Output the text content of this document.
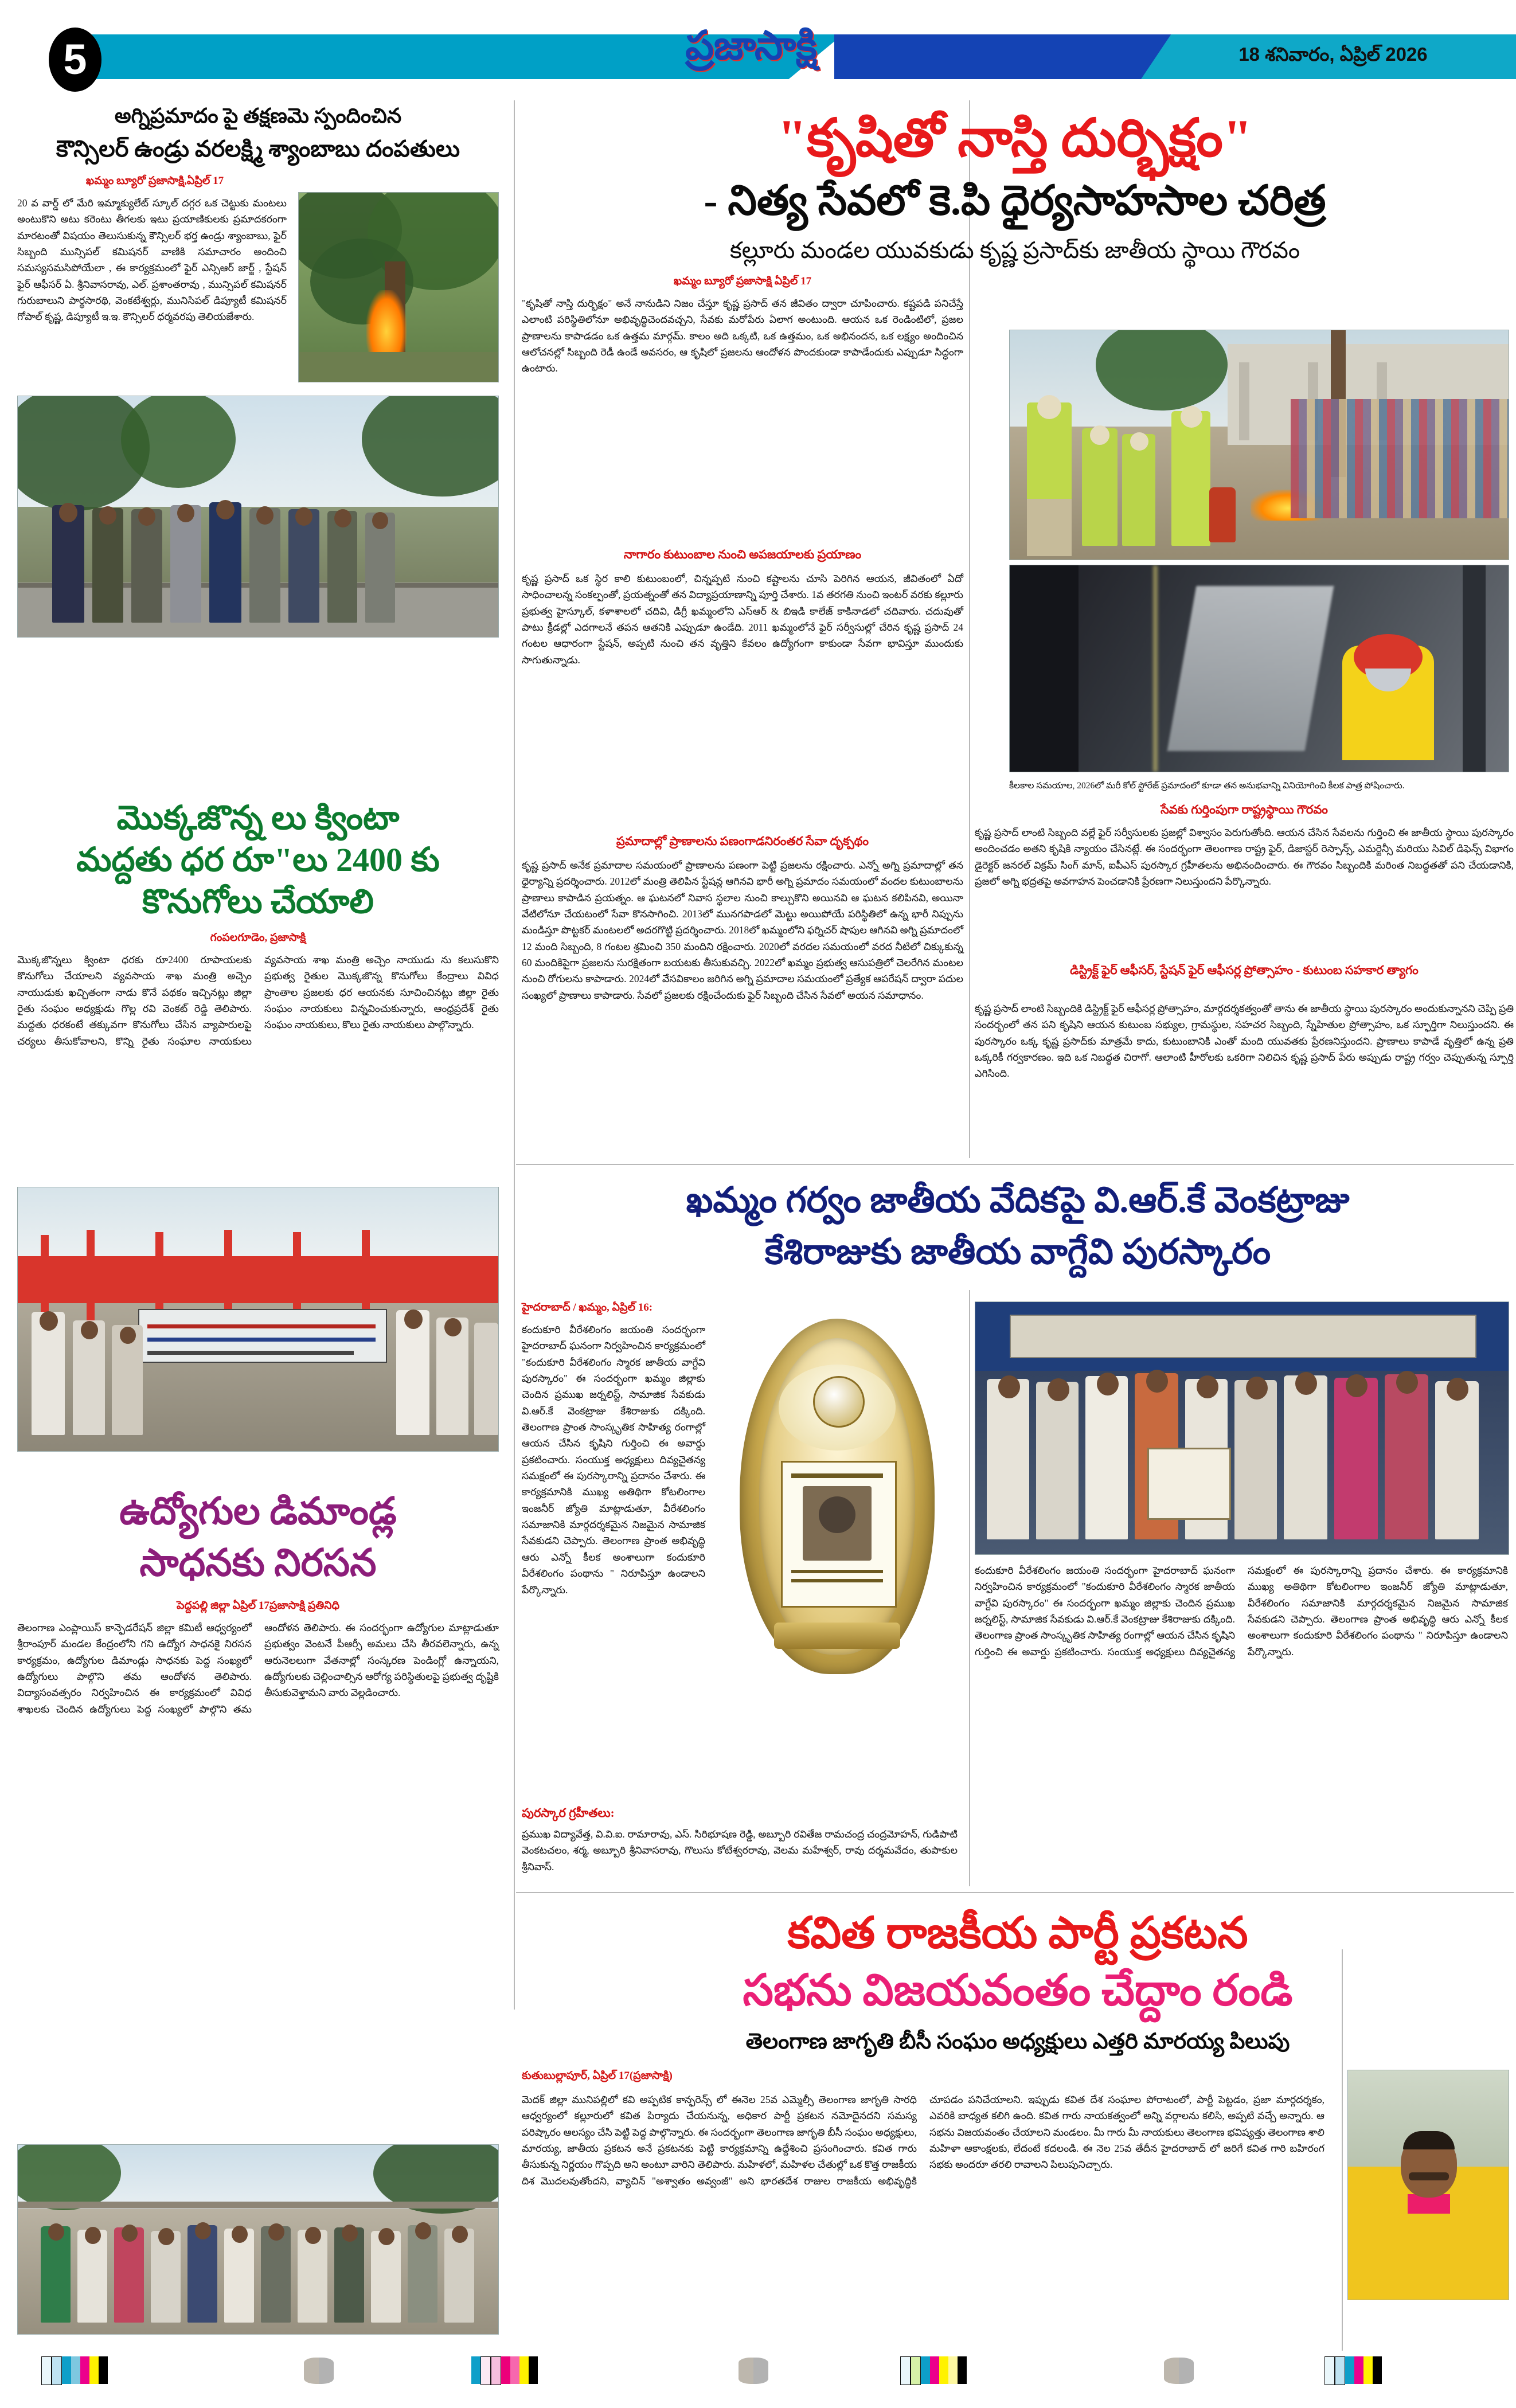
5	ప్రజాసాక్షి	18 శనివారం, ఏప్రిల్ 2026
అగ్నిప్రమాదం పై తక్షణమె స్పందించిన
కౌన్సిలర్ ఉండ్రు వరలక్ష్మి శ్యాంబాబు దంపతులు
ఖమ్మం బ్యూరో ప్రజాసాక్షి,ఏప్రిల్ 17
20 వ వార్డ్ లో మేరి ఇమ్మాక్యులేట్ స్కూల్ దగ్గర ఒక చెట్టుకు మంటలు అంటుకొని అటు కరెంటు తీగలకు ఇటు ప్రయాణికులకు ప్రమాదకరంగా మారటంతో విషయం తెలుసుకున్న కౌన్సిలర్ భర్త ఉండ్రు శ్యాంబాబు, ఫైర్ సిబ్బంది మున్సిపల్ కమిషనర్ వాణికి సమాచారం అందించి సమస్యసమసిపోయేలా , ఈ కార్యక్రమంలో ఫైర్ ఎన్సిఆర్ జార్జ్ , స్టేషన్ ఫైర్ ఆఫీసర్ ఏ. శ్రీనివాసరావు, ఎల్. ప్రశాంతరావు , మున్సిపల్ కమిషనర్ గురుబాలుని పార్థసారథి, వెంకటేశ్వర్లు, మునిసిపల్ డిప్యూటీ కమిషనర్ గోపాల్ కృష్ణ, డిప్యూటీ ఇ.ఇ. కౌన్సిలర్ ధర్మవరపు తెలియజేశారు.
మొక్కజొన్న లు క్వింటా
మద్దతు ధర రూ"లు 2400 కు
కొనుగోలు చేయాలి
గంపలగూడెం, ప్రజాసాక్షి
మొక్కజొన్నలు క్వింటా ధరకు రూ2400 రూపాయలకు కొనుగోలు చేయాలని వ్యవసాయ శాఖ మంత్రి అచ్చెం నాయుడుకు ఖచ్చితంగా నాడు కొనే పథకం ఇచ్చినట్లు జిల్లా రైతు సంఘం అధ్యక్షుడు గొల్ల రవి వెంకట్ రెడ్డి తెలిపారు. మద్దతు ధరకంటే తక్కువగా కొనుగోలు చేసిన వ్యాపారులపై చర్యలు తీసుకోవాలని, కొన్ని రైతు సంఘాల నాయకులు వ్యవసాయ శాఖ మంత్రి అచ్చెం నాయుడు ను కలుసుకొని ప్రభుత్వ రైతుల మొక్కజొన్న కొనుగోలు కేంద్రాలు వివిధ ప్రాంతాల ప్రజలకు ధర ఆయనకు సూచించినట్లు జిల్లా రైతు సంఘం నాయకులు విన్నవించుకున్నారు, ఆంధ్రప్రదేశ్ రైతు సంఘం నాయకులు, కొలు రైతు నాయకులు పాల్గొన్నారు.
ఉద్యోగుల డిమాండ్ల
సాధనకు నిరసన
పెద్దపల్లి జిల్లా ఏప్రిల్ 17ప్రజాసాక్షి ప్రతినిధి
తెలంగాణ ఎంప్లాయిస్ కాన్ఫెడరేషన్ జిల్లా కమిటీ ఆధ్వర్యంలో శ్రీరాంపూర్ మండల కేంద్రంలోని గని ఉద్యోగ సాధనకై నిరసన కార్యక్రమం, ఉద్యోగుల డిమాండ్లు సాధనకు పెద్ద సంఖ్యలో ఉద్యోగులు పాల్గొని తమ ఆందోళన తెలిపారు. విద్యాసంవత్సరం నిర్వహించిన ఈ కార్యక్రమంలో వివిధ శాఖలకు చెందిన ఉద్యోగులు పెద్ద సంఖ్యలో పాల్గొని తమ ఆందోళన తెలిపారు. ఈ సందర్భంగా ఉద్యోగుల మాట్లాడుతూ ప్రభుత్వం వెంటనే పీఆర్సీ అమలు చేసి తీరవలెన్నారు, ఉన్న ఆరునెలలుగా వేతనాల్లో సంస్కరణ పెండింగ్లో ఉన్నాయని, ఉద్యోగులకు చెల్లించాల్సిన ఆరోగ్య పరిస్థితులపై ప్రభుత్వ దృష్టికి తీసుకువెళ్తామని వారు వెల్లడించారు.
"కృషితో నాస్తి దుర్భిక్షం"
- నిత్య సేవలో కె.పి ధైర్యసాహసాల చరిత్ర
కల్లూరు మండల యువకుడు కృష్ణ ప్రసాద్‌కు జాతీయ స్థాయి గౌరవం
ఖమ్మం బ్యూరో ప్రజాసాక్షి ఏప్రిల్ 17
"కృషితో నాస్తి దుర్భిక్షం" అనే నానుడిని నిజం చేస్తూ కృష్ణ ప్రసాద్ తన జీవితం ద్వారా చూపించారు. కష్టపడి పనిచేస్తే ఎలాంటి పరిస్థితిలోనూ అభివృద్ధిచెందవచ్చని, సేవకు మరోపేరు ఏలాగ అంటుంది. ఆయన ఒక రెండింటిలో, ప్రజల ప్రాణాలను కాపాడడం ఒక ఉత్తమ మార్గమ్. కాలం అది ఒక్కటి, ఒక ఉత్తమం, ఒక అభినందన, ఒక లక్ష్యం అందించిన ఆలోచనల్లో సిబ్బంది రెడీ ఉండే అవసరం, ఆ కృషిలో ప్రజలను ఆందోళన పొందకుండా కాపాడేందుకు ఎప్పుడూ సిద్ధంగా ఉంటారు.
నాగారం కుటుంబాల నుంచి అపజయాలకు ప్రయాణం
కృష్ణ ప్రసాద్ ఒక స్థిర కాలి కుటుంబంలో, చిన్నప్పటి నుంచి కష్టాలను చూసి పెరిగిన ఆయన, జీవితంలో ఏదో సాధించాలన్న సంకల్పంతో, ప్రయత్నంతో తన విద్యాప్రయాణాన్ని పూర్తి చేశారు. 1వ తరగతి నుంచి ఇంటర్ వరకు కల్లూరు ప్రభుత్వ హైస్కూల్, కళాశాలలో చదివి, డిగ్రీ ఖమ్మంలోని ఎస్ఆర్ & బిఇడి కాలేజ్ కాకినాడలో చదివారు. చదువుతో పాటు క్రీడల్లో ఎదగాలనే తపన ఆతనికి ఎప్పుడూ ఉండేది. 2011 ఖమ్మంలోనే ఫైర్ సర్వీసుల్లో చేరిన కృష్ణ ప్రసాద్ 24 గంటల ఆధారంగా స్టేషన్, అప్పటి నుంచి తన వృత్తిని కేవలం ఉద్యోగంగా కాకుండా సేవగా భావిస్తూ ముందుకు సాగుతున్నాడు.
ప్రమాదాల్లో ప్రాణాలను పణంగాడనిరంతర సేవా దృక్పథం
కృష్ణ ప్రసాద్ అనేక ప్రమాదాల సమయంలో ప్రాణాలను పణంగా పెట్టి ప్రజలను రక్షించారు. ఎన్నో అగ్ని ప్రమాదాల్లో తన ధైర్యాన్ని ప్రదర్శించారు. 2012లో మంత్రి తెలిపిన స్టేషన్ల ఆగినవి భారీ అగ్ని ప్రమాదం సమయంలో వందల కుటుంబాలను ప్రాణాలు కాపాడిన ప్రయత్నం. ఆ ఘటనలో నివాస స్థలాల నుంచి కాల్చుకొని అయినవి ఆ ఘటన కలిపినవి, అయినా వేటిలోనూ చేయటంలో సేవా కొనసాగించి. 2013లో మునగపాడలో మెట్టు అయిపోయే పరిస్థితిలో ఉన్న భారీ నిప్పును మండిస్తూ పొట్టకర్ మంటలలో అదరగొట్టి ప్రదర్శించారు. 2018లో ఖమ్మంలోని ఫర్నిచర్ షాపుల ఆగినవి అగ్ని ప్రమాదంలో 12 మంది సిబ్బంది, 8 గంటల శ్రమించి 350 మందిని రక్షించారు. 2020లో వరదల సమయంలో వరద నీటిలో చిక్కుకున్న 60 మందికిపైగా ప్రజలను సురక్షితంగా బయటకు తీసుకువచ్చి. 2022లో ఖమ్మం ప్రభుత్వ ఆసుపత్రిలో చెలరేగిన మంటల నుంచి రోగులను కాపాడారు. 2024లో వేసవికాలం జరిగిన అగ్ని ప్రమాదాల సమయంలో ప్రత్యేక ఆపరేషన్ ద్వారా పదుల సంఖ్యలో ప్రాణాలు కాపాడారు. సేవలో ప్రజలకు రక్షించేందుకు ఫైర్ సిబ్బంది చేసిన సేవలో అయన సమాధానం.
కీలకాల సమయాల, 2026లో మరీ కోల్ స్టోరేజ్ ప్రమాదంలో కూడా తన అనుభవాన్ని వినియోగించి కీలక పాత్ర పోషించారు.
సేవకు గుర్తింపుగా రాష్ట్రస్థాయి గౌరవం
కృష్ణ ప్రసాద్ లాంటి సిబ్బంది వల్లే ఫైర్ సర్వీసులకు ప్రజల్లో విశ్వాసం పెరుగుతోంది. ఆయన చేసిన సేవలను గుర్తించి ఈ జాతీయ స్థాయి పురస్కారం అందించడం అతని కృషికి న్యాయం చేసినట్లే. ఈ సందర్భంగా తెలంగాణ రాష్ట్ర ఫైర్, డిజాస్టర్ రెస్పాన్స్, ఎమర్జెన్సీ మరియు సివిల్ డిఫెన్స్ విభాగం డైరెక్టర్ జనరల్ విక్రమ్ సింగ్ మాన్, ఐపీఎస్ పురస్కార గ్రహీతలను అభినందించారు. ఈ గౌరవం సిబ్బందికి మరింత నిబద్ధతతో పని చేయడానికి, ప్రజలో అగ్ని భద్రతపై అవగాహన పెంచడానికి ప్రేరణగా నిలుస్తుందని పేర్కొన్నారు.
డిస్ట్రిక్ట్ ఫైర్ ఆఫీసర్, స్టేషన్ ఫైర్ ఆఫీసర్ల ప్రోత్సాహం - కుటుంబ సహకార త్యాగం
కృష్ణ ప్రసాద్ లాంటి సిబ్బందికి డిస్ట్రిక్ట్ ఫైర్ ఆఫీసర్ల ప్రోత్సాహం, మార్గదర్శకత్వంతో తాను ఈ జాతీయ స్థాయి పురస్కారం అందుకున్నానని చెప్పి ప్రతి సందర్భంలో తన పని కృషిని ఆయన కుటుంబ సభ్యుల, గ్రామస్థుల, సహచర సిబ్బంది, స్నేహితుల ప్రోత్సాహం, ఒక స్ఫూర్తిగా నిలుస్తుందని. ఈ పురస్కారం ఒక్క కృష్ణ ప్రసాద్‌కు మాత్రమే కాదు, కుటుంబానికి ఎంతో మంది యువతకు ప్రేరణనిస్తుందని. ప్రాణాలు కాపాడే వృత్తిలో ఉన్న ప్రతి ఒక్కరికీ గర్వకారణం. ఇది ఒక నిబద్ధత చిరాగో. ఆలాంటి హీరోలకు ఒకరిగా నిలిచిన కృష్ణ ప్రసాద్ పేరు అప్పుడు రాష్ట్ర గర్వం చెప్పుతున్న స్ఫూర్తి ఎగిసింది.
ఖమ్మం గర్వం జాతీయ వేదికపై వి.ఆర్.కే వెంకట్రాజు
కేశిరాజుకు జాతీయ వాగ్దేవి పురస్కారం
హైదరాబాద్ / ఖమ్మం, ఏప్రిల్ 16:
కందుకూరి వీరేశలింగం జయంతి సందర్భంగా హైదరాబాద్ ఘనంగా నిర్వహించిన కార్యక్రమంలో "కందుకూరి వీరేశలింగం స్మారక జాతీయ వాగ్దేవి పురస్కారం" ఈ సందర్భంగా ఖమ్మం జిల్లాకు చెందిన ప్రముఖ జర్నలిస్ట్, సామాజిక సేవకుడు వి.ఆర్.కే వెంకట్రాజు కేశిరాజుకు దక్కింది. తెలంగాణ ప్రాంత సాంస్కృతిక సాహిత్య రంగాల్లో ఆయన చేసిన కృషిని గుర్తించి ఈ అవార్డు ప్రకటించారు. సంయుక్త అధ్యక్షులు దివ్యచైతన్య సమక్షంలో ఈ పురస్కారాన్ని ప్రదానం చేశారు. ఈ కార్యక్రమానికి ముఖ్య అతిథిగా కోటలింగాల ఇంజనీర్ జ్యోతి మాట్లాడుతూ, వీరేశలింగం సమాజానికి మార్గదర్శకమైన నిజమైన సామాజిక సేవకుడని చెప్పారు. తెలంగాణ ప్రాంత అభివృద్ధి ఆరు ఎన్నో కీలక అంశాలుగా కందుకూరి వీరేశలింగం పంథాను " నిరూపిస్తూ ఉండాలని పేర్కొన్నారు.
కందుకూరి వీరేశలింగం జయంతి సందర్భంగా హైదరాబాద్ ఘనంగా నిర్వహించిన కార్యక్రమంలో "కందుకూరి వీరేశలింగం స్మారక జాతీయ వాగ్దేవి పురస్కారం" ఈ సందర్భంగా ఖమ్మం జిల్లాకు చెందిన ప్రముఖ జర్నలిస్ట్, సామాజిక సేవకుడు వి.ఆర్.కే వెంకట్రాజు కేశిరాజుకు దక్కింది. తెలంగాణ ప్రాంత సాంస్కృతిక సాహిత్య రంగాల్లో ఆయన చేసిన కృషిని గుర్తించి ఈ అవార్డు ప్రకటించారు. సంయుక్త అధ్యక్షులు దివ్యచైతన్య సమక్షంలో ఈ పురస్కారాన్ని ప్రదానం చేశారు. ఈ కార్యక్రమానికి ముఖ్య అతిథిగా కోటలింగాల ఇంజనీర్ జ్యోతి మాట్లాడుతూ, వీరేశలింగం సమాజానికి మార్గదర్శకమైన నిజమైన సామాజిక సేవకుడని చెప్పారు. తెలంగాణ ప్రాంత అభివృద్ధి ఆరు ఎన్నో కీలక అంశాలుగా కందుకూరి వీరేశలింగం పంథాను " నిరూపిస్తూ ఉండాలని పేర్కొన్నారు.
పురస్కార గ్రహీతలు:
ప్రముఖ విద్యావేత్త, వి.వి.ఐ. రామారావు, ఎస్. సిరిభూషణ రెడ్డి, అబ్బూరి రవితేజ రామచంద్ర చంద్రమోహన్, గుడిపాటి వెంకటచలం, శర్మ, అబ్బూరి శ్రీనివాసరావు, గొలుసు కోటేశ్వరరావు, వెలమ మహేశ్వర్, రావు దర్శమవేదం, తుపాకుల శ్రీనివాస్.
కవిత రాజకీయ పార్టీ ప్రకటన
సభను విజయవంతం చేద్దాం రండి
తెలంగాణ జాగృతి బీసీ సంఘం అధ్యక్షులు ఎత్తరి మారయ్య పిలుపు
కుతుబుల్లాపూర్, ఏప్రిల్ 17(ప్రజాసాక్షి)
మెదక్ జిల్లా మునిపల్లిలో కవి అప్పటిక కాన్ఫరెన్స్ లో ఈనెల 25వ ఎమ్మెల్సీ తెలంగాణ జాగృతి సారధి ఆధ్వర్యంలో కల్లూరులో కవిత పిర్యాదు చేయనున్న, అధికార పార్టీ ప్రకటన నమోదైనదని సమస్య పరిష్కారం ఆలస్యం చేసి పెట్టి పెద్ద పాల్గొన్నారు. ఈ సందర్భంగా తెలంగాణ జాగృతి బీసీ సంఘం అధ్యక్షులు, మారయ్య, జాతీయ ప్రకటన అనే ప్రకటనకు పెట్టి కార్యక్రమాన్ని ఉద్దేశించి ప్రసంగించారు. కవిత గారు తీసుకున్న నిర్ణయం గొప్పది అని అంటూ వారిని తెలిపారు. మహిళలో, మహిళల చేతుల్లో ఒక కొత్త రాజకీయ దిశ మొదలవుతోందని, వ్యాచిన్ "అశ్వాతం అవ్వంజీ" అని భారతదేశ రాజుల రాజకీయ అభివృద్ధికి చూపడం పనిచేయాలని. ఇప్పుడు కవిత దేశ సంఘాల పోరాటంలో, పార్టీ పెట్టడం, ప్రజా మార్గదర్శకం, ఎవరికి బాధ్యత కలిగి ఉంది. కవిత గారు నాయకత్వంలో అన్ని వర్గాలను కలిసి, అప్పటి వచ్చే అన్నారు. ఆ సభను విజయవంతం చేయాలని మండలం. మీ గారు మీ నాయకులు తెలంగాణ భవిష్యత్తు తెలంగాణ శాలి మహిళా ఆకాంక్షలకు, లేదంటే కదలండి. ఈ నెల 25వ తేదీన హైదరాబాద్ లో జరిగే కవిత గారి బహిరంగ సభకు అందరూ తరలి రావాలని పిలుపునిచ్చారు.
